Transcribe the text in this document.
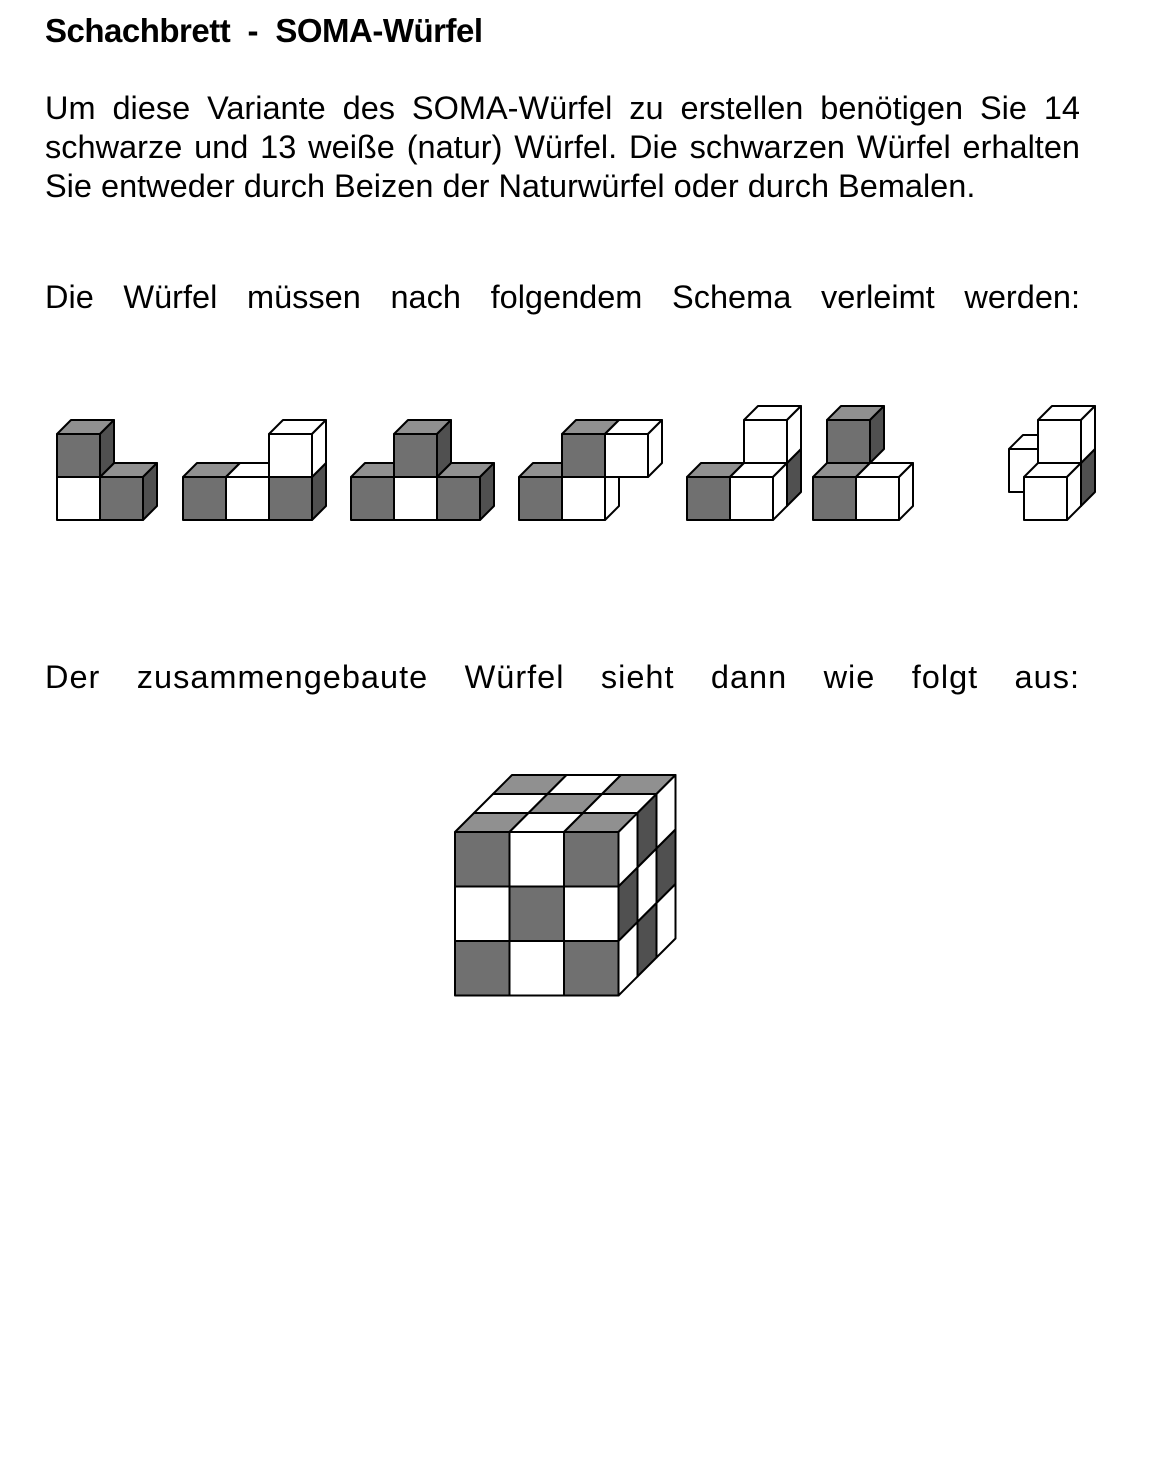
Schachbrett  -  SOMA-Würfel

Um diese Variante des SOMA-Würfel zu erstellen benötigen Sie 14 schwarze und 13 weiße (natur) Würfel. Die schwarzen Würfel erhalten Sie entweder durch Beizen der Naturwürfel oder durch Bemalen.

Die Würfel müssen nach folgendem Schema verleimt werden:

Der zusammengebaute Würfel sieht dann wie folgt aus:
